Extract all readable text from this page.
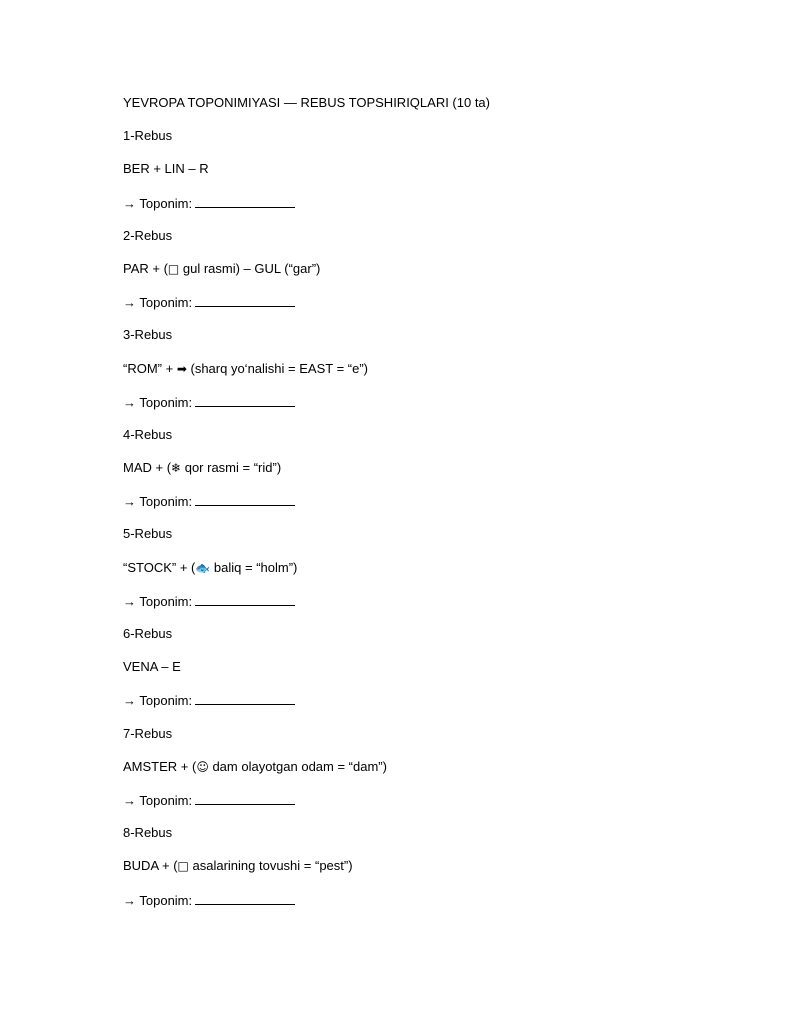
YEVROPA TOPONIMIYASI — REBUS TOPSHIRIQLARI (10 ta)
1-Rebus
BER + LIN – R
→ Toponim:
2-Rebus
PAR + (□ gul rasmi) – GUL (“gar”)
→ Toponim:
3-Rebus
“ROM” + ➡ (sharq yo‘nalishi = EAST = “e”)
→ Toponim:
4-Rebus
MAD + (❄ qor rasmi = “rid”)
→ Toponim:
5-Rebus
“STOCK” + (🐟 baliq = “holm”)
→ Toponim:
6-Rebus
VENA – E
→ Toponim:
7-Rebus
AMSTER + (☺ dam olayotgan odam = “dam”)
→ Toponim:
8-Rebus
BUDA + (□ asalarining tovushi = “pest”)
→ Toponim:
